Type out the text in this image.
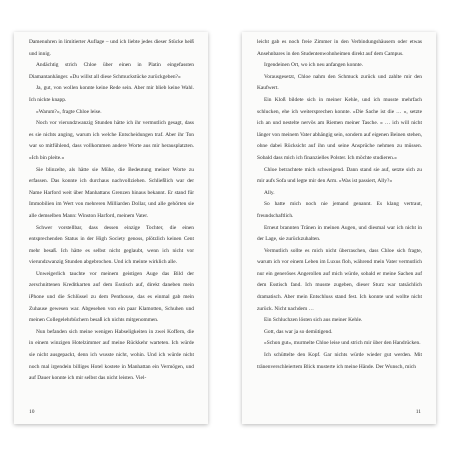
Damenuhren in limitierter Auflage – und ich liebte jedes dieser Stücke heiß und innig.

Andächtig strich Chloe über einen in Platin eingefassten Diamantanhänger. »Du willst all diese Schmuckstücke zurückgeben?«

Ja, gut, von wollen konnte keine Rede sein. Aber mir blieb keine Wahl. Ich nickte knapp.

»Warum?«, fragte Chloe leise.

Noch vor vierundzwanzig Stunden hätte ich ihr vermutlich gesagt, dass es sie nichts anging, warum ich welche Entscheidungen traf. Aber ihr Ton war so mitfühlend, dass vollkommen andere Worte aus mir herausplatzten. »Ich bin pleite.«

Sie blinzelte, als hätte sie Mühe, die Bedeutung meiner Worte zu erfassen. Das konnte ich durchaus nachvollziehen. Schließlich war der Name Harford weit über Manhattans Grenzen hinaus bekannt. Er stand für Immobilien im Wert von mehreren Milliarden Dollar, und alle gehörten sie alle demselben Mann: Winston Harford, meinem Vater.

Schwer vorstellbar, dass dessen einzige Tochter, die einen entsprechenden Status in der High Society genoss, plötzlich keinen Cent mehr besaß. Ich hätte es selbst nicht geglaubt, wenn ich nicht vor vierundzwanzig Stunden abgebrochen. Und ich meinte wirklich alle.

Unweigerlich tauchte vor meinem geistigen Auge das Bild der zerschnittenen Kreditkarten auf dem Esstisch auf, direkt daneben mein iPhone und die Schlüssel zu dem Penthouse, das es einmal gab mein Zuhause gewesen war. Abgesehen von ein paar Klamotten, Schuhen und meinen Collegelehrbüchern besaß ich nichts mitgenommen.

Nun befanden sich meine wenigen Habseligkeiten in zwei Koffern, die in einem winzigen Hotelzimmer auf meine Rückkehr warteten. Ich würde sie nicht ausgepackt, denn ich wusste nicht, wohin. Und ich würde nicht noch mal irgendein billiges Hotel kostete in Manhattan ein Vermögen, und auf Dauer konnte ich mir selbst das nicht leisten. Viel-

10

leicht gab es noch freie Zimmer in den Verbindungshäusern oder etwas Ansehnbares in den Studentenwohnheimen direkt auf dem Campus.

Irgendeinen Ort, wo ich neu anfangen konnte.

Vorausgesetzt, Chloe nahm den Schmuck zurück und zahlte mir den Kaufwert.

Ein Kloß bildete sich in meiner Kehle, und ich musste mehrfach schlucken, ehe ich weitersprechen konnte. »Die Sache ist die … «, setzte ich an und nestelte nervös am Riemen meiner Tasche. » … ich will nicht länger von meinem Vater abhängig sein, sondern auf eigenen Beinen stehen, ohne dabei Rücksicht auf ihn und seine Ansprüche nehmen zu müssen. Sobald dass mich ich finanzielles Polster. Ich möchte studieren.«

Chloe betrachtete mich schweigend. Dann stand sie auf, setzte sich zu mir aufs Sofa und legte mir den Arm. »Was ist passiert, Ally?«

Ally.

So hatte mich noch nie jemand genannt. Es klang vertraut, freundschaftlich.

Erneut brannten Tränen in meinen Augen, und diesmal war ich nicht in der Lage, sie zurückzuhalten.

Vermutlich sollte es mich nicht überraschen, dass Chloe sich fragte, warum ich vor einem Leben im Luxus floh, während mein Vater vermutlich nur ein generöses Angerollen auf mich würde, sobald er meine Sachen auf dem Esstisch fand. Ich musste zugeben, dieser Sturz war tatsächlich dramatisch. Aber mein Entschluss stand fest. Ich konnte und wollte nicht zurück. Nicht nachdem …

Ein Schluchzen lösten sich aus meiner Kehle.

Gott, das war ja so demütigend.

»Schon gut«, murmelte Chloe leise und strich mir über den Handrücken.

Ich schüttelte den Kopf. Gar nichts würde wieder gut werden. Mit tränenverschleiertem Blick musterte ich meine Hände. Der Wunsch, mich

11
